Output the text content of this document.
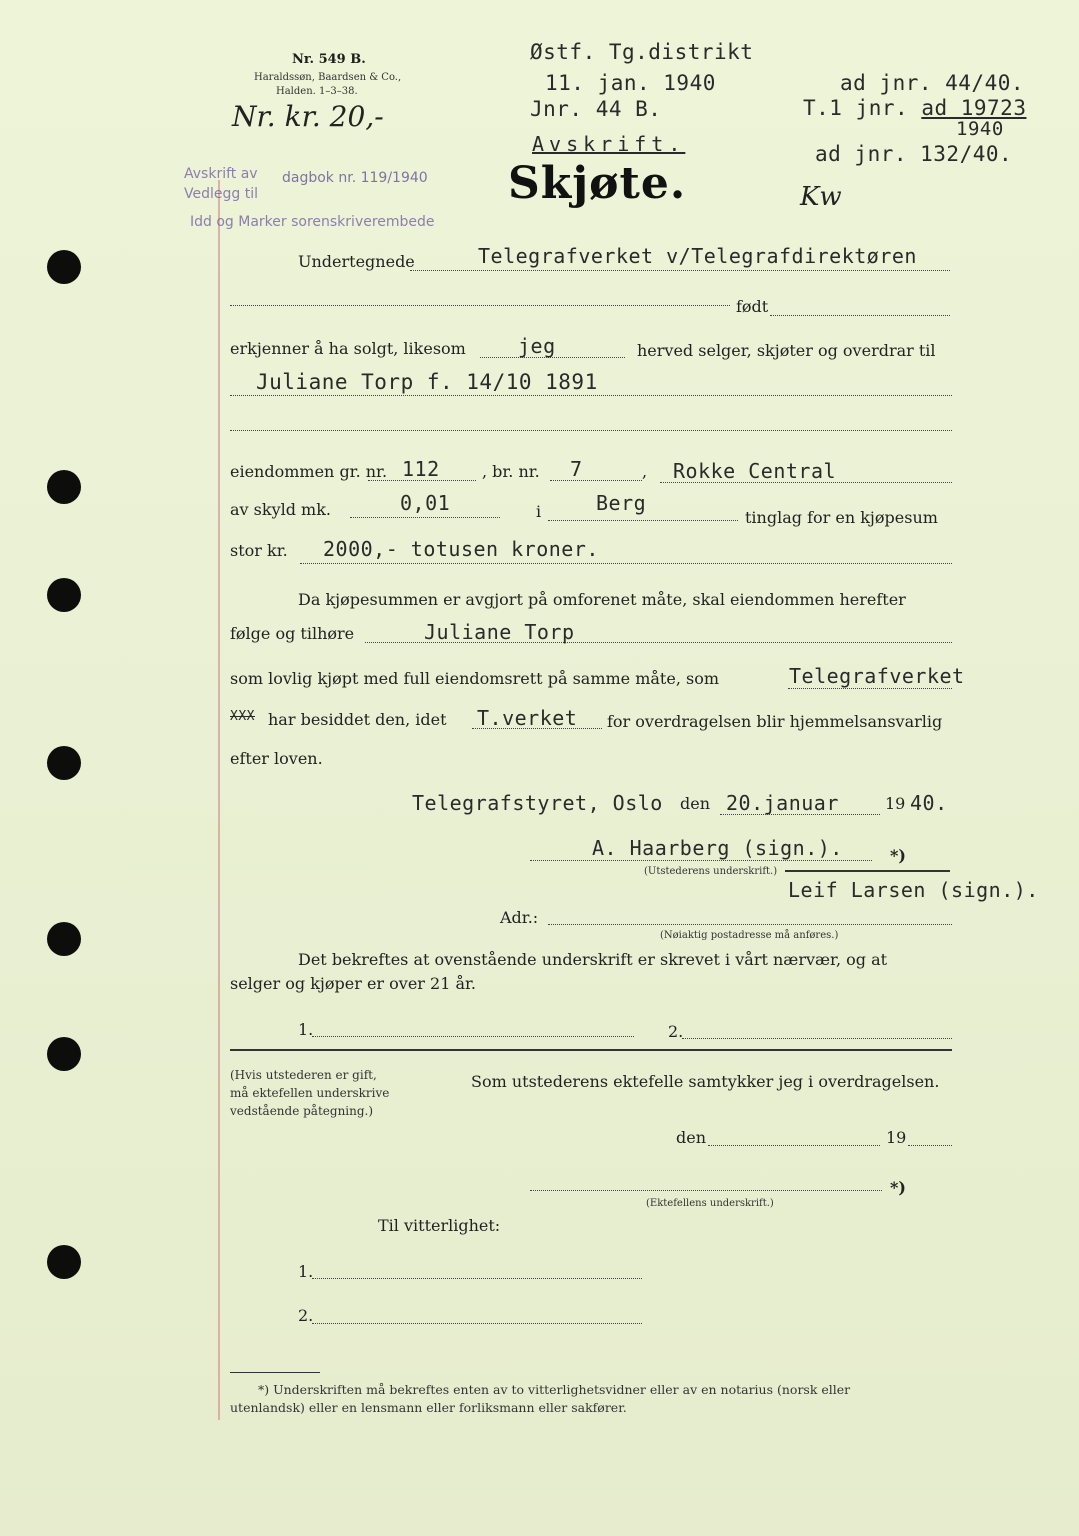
Nr. 549 B.
Haraldssøn, Baardsen & Co.,
Halden. 1–3–38.
Nr. kr. 20,-
Østf. Tg.distrikt
11. jan. 1940
Jnr. 44 B.
ad jnr. 44/40.
T.1 jnr. ad 19723
1940
ad jnr. 132/40.
Avskrift.
Avskrift av dagbok nr. 119/1940
Vedlegg til
Idd og Marker sorenskriverembede
Skjøte.	Kw
Undertegnede	Telegrafverket v/Telegrafdirektøren
født
erkjenner å ha solgt, likesom	jeg	herved selger, skjøter og overdrar til
Juliane Torp f. 14/10 1891
eiendommen gr. nr. 112	, br. nr. 7	, Rokke Central
av skyld mk.	0,01	i	Berg
tinglag for en kjøpesum
stor kr. 2000,- totusen kroner.
Da kjøpesummen er avgjort på omforenet måte, skal eiendommen herefter
følge og tilhøre	Juliane Torp
som lovlig kjøpt med full eiendomsrett på samme måte, som	Telegrafverket
XXX har besiddet den, idet T.verket for overdragelsen blir hjemmelsansvarlig
efter loven.
Telegrafstyret, Oslo den 20.januar	19 40.
A. Haarberg (sign.).	*)
(Utstederens underskrift.)
Leif Larsen (sign.).
Adr.:
(Nøiaktig postadresse må anføres.)
Det bekreftes at ovenstående underskrift er skrevet i vårt nærvær, og at
selger og kjøper er over 21 år.
1.	2.
(Hvis utstederen er gift,
må ektefellen underskrive
vedstående påtegning.)
Som utstederens ektefelle samtykker jeg i overdragelsen.
den	19
*)
(Ektefellens underskrift.)
Til vitterlighet:
1.
2.
*) Underskriften må bekreftes enten av to vitterlighetsvidner eller av en notarius (norsk eller
utenlandsk) eller en lensmann eller forliksmann eller sakfører.
